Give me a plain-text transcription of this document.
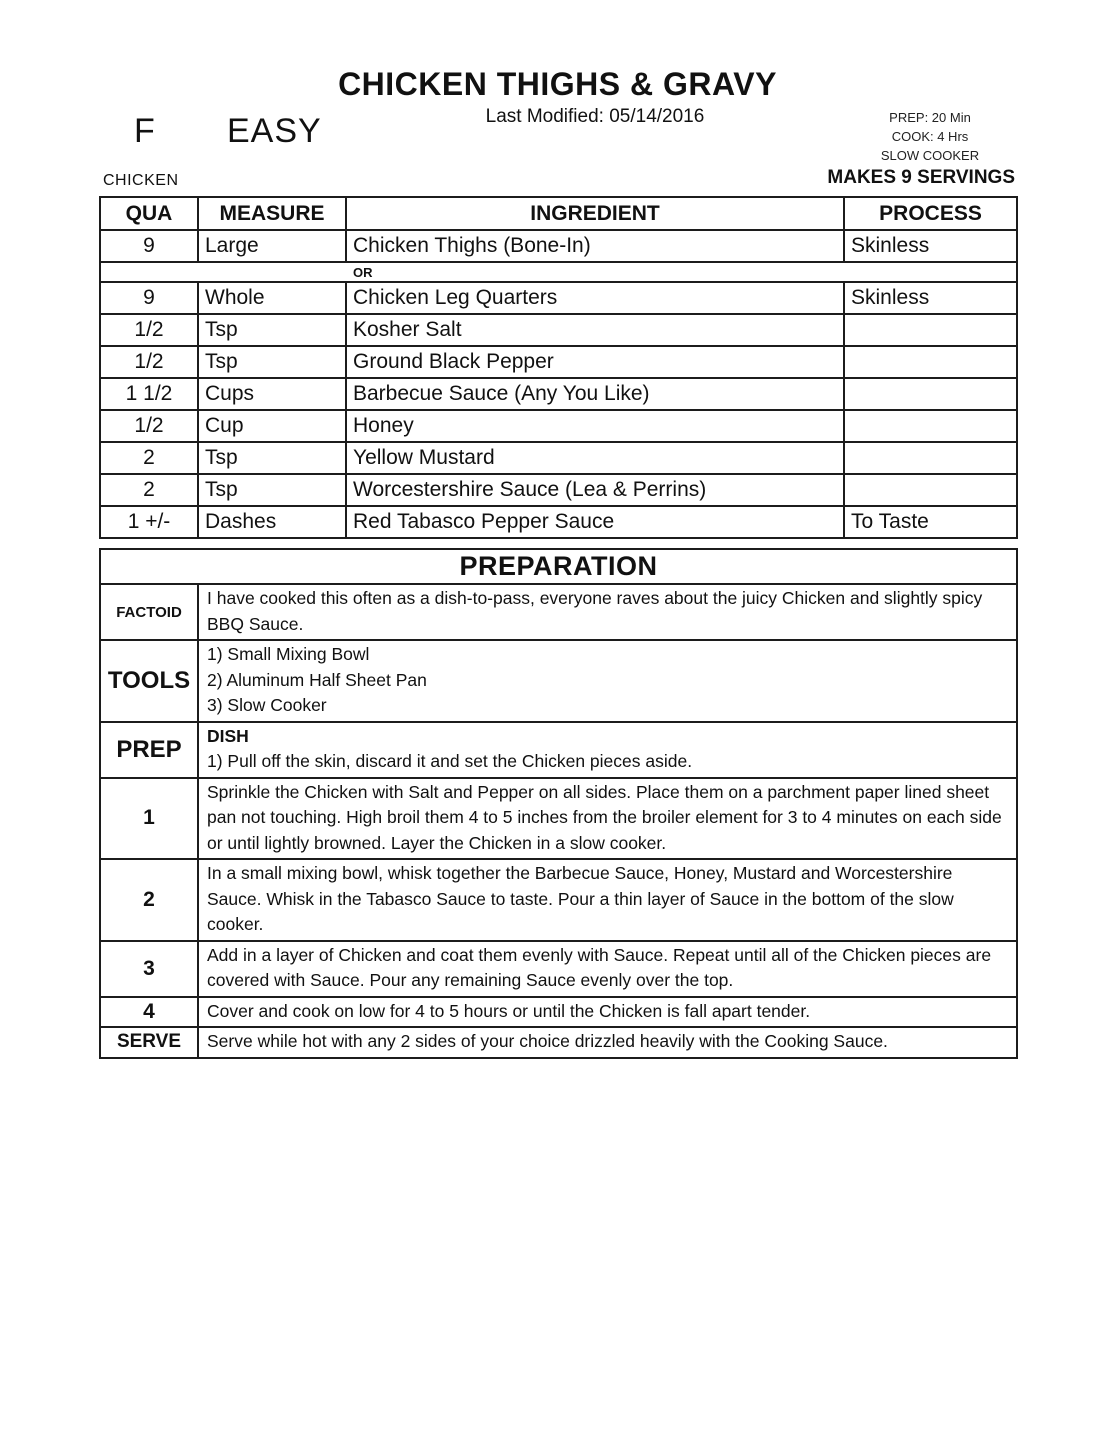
CHICKEN THIGHS & GRAVY
Last Modified: 05/14/2016
F EASY	PREP: 20 Min
COOK: 4 Hrs
SLOW COOKER
CHICKEN	MAKES 9 SERVINGS
QUA	MEASURE	INGREDIENT	PROCESS
9	Large	Chicken Thighs (Bone-In)	Skinless
OR			
9	Whole	Chicken Leg Quarters	Skinless
1/2	Tsp	Kosher Salt	
1/2	Tsp	Ground Black Pepper	
1 1/2	Cups	Barbecue Sauce (Any You Like)	
1/2	Cup	Honey	
2	Tsp	Yellow Mustard	
2	Tsp	Worcestershire Sauce (Lea & Perrins)	
1 +/-	Dashes	Red Tabasco Pepper Sauce	To Taste
PREPARATION	
FACTOID	I have cooked this often as a dish-to-pass, everyone raves about the juicy Chicken and slightly spicy BBQ Sauce.
TOOLS	1) Small Mixing Bowl
2) Aluminum Half Sheet Pan
3) Slow Cooker

PREP	DISH
1) Pull off the skin, discard it and set the Chicken pieces aside.

1	Sprinkle the Chicken with Salt and Pepper on all sides. Place them on a parchment paper lined sheet pan not touching. High broil them 4 to 5 inches from the broiler element for 3 to 4 minutes on each side or until lightly browned. Layer the Chicken in a slow cooker.
2	In a small mixing bowl, whisk together the Barbecue Sauce, Honey, Mustard and Worcestershire Sauce. Whisk in the Tabasco Sauce to taste. Pour a thin layer of Sauce in the bottom of the slow cooker.
3	Add in a layer of Chicken and coat them evenly with Sauce. Repeat until all of the Chicken pieces are covered with Sauce. Pour any remaining Sauce evenly over the top.
4	Cover and cook on low for 4 to 5 hours or until the Chicken is fall apart tender.
SERVE	Serve while hot with any 2 sides of your choice drizzled heavily with the Cooking Sauce.
